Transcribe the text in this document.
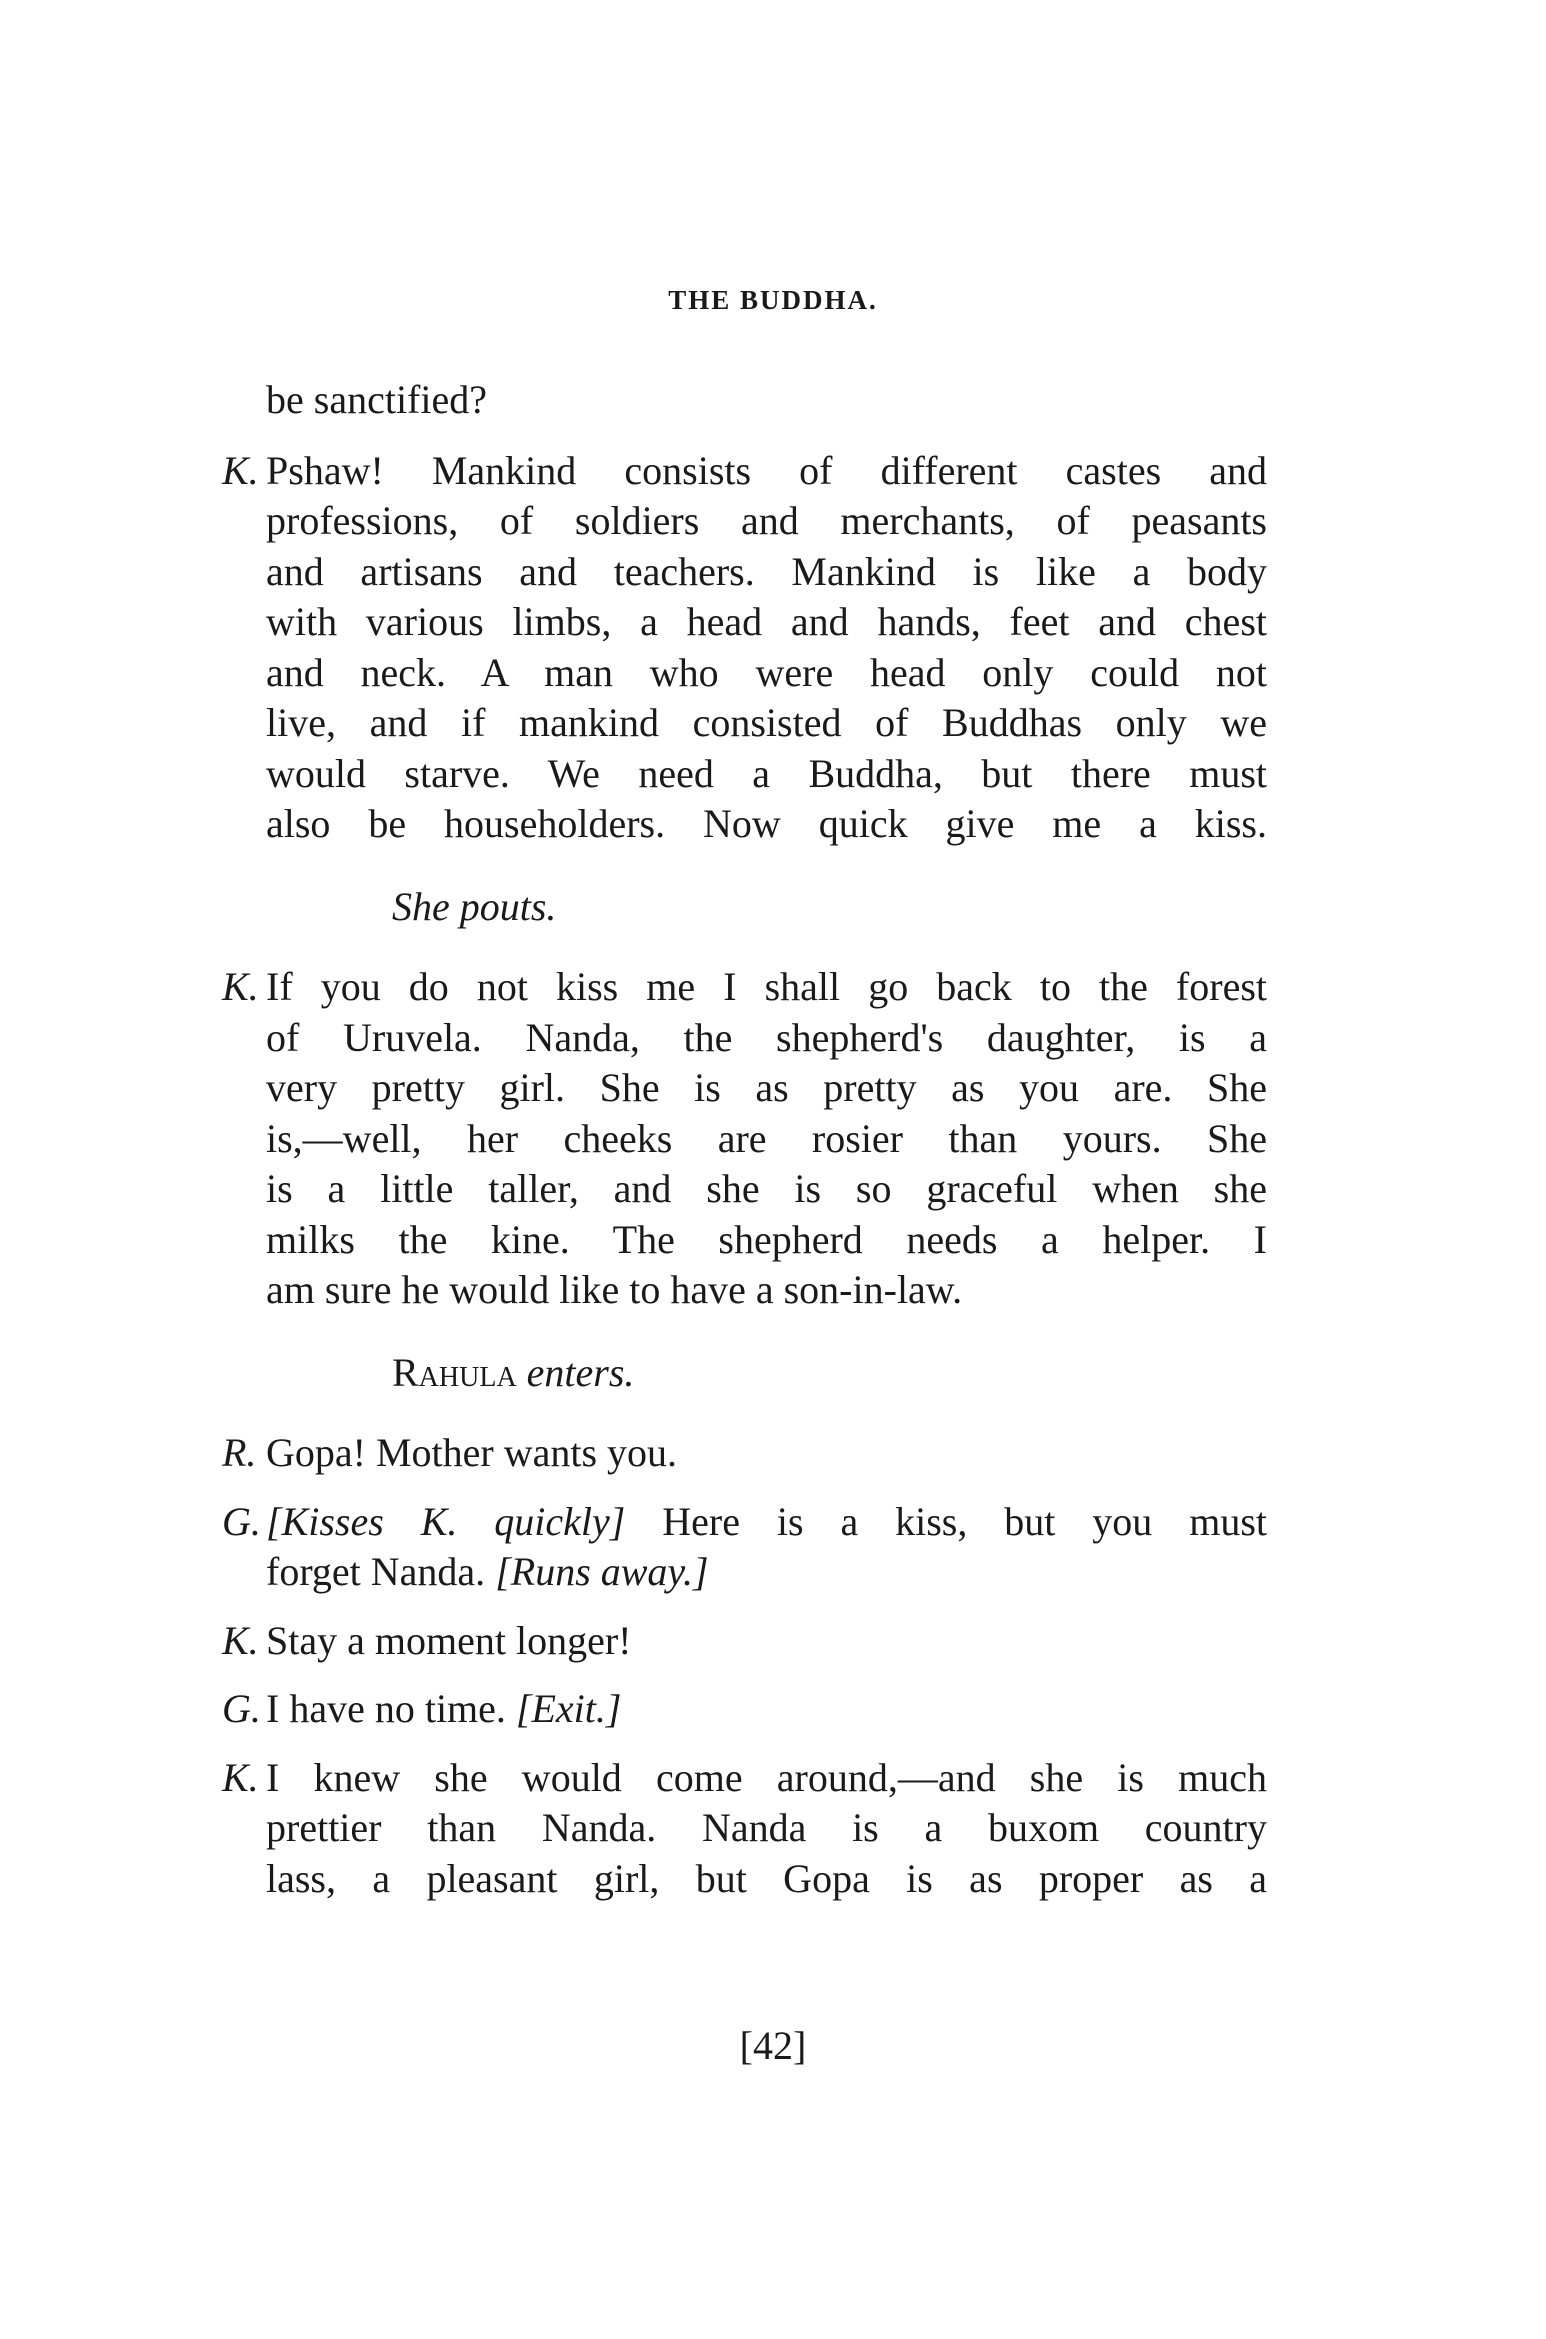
THE BUDDHA.
be sanctified?
K. Pshaw! Mankind consists of different castes and
professions, of soldiers and merchants, of peasants
and artisans and teachers. Mankind is like a body
with various limbs, a head and hands, feet and chest
and neck. A man who were head only could not
live, and if mankind consisted of Buddhas only we
would starve. We need a Buddha, but there must
also be householders. Now quick give me a kiss.
She pouts.
K. If you do not kiss me I shall go back to the forest
of Uruvela. Nanda, the shepherd's daughter, is a
very pretty girl. She is as pretty as you are. She
is,—well, her cheeks are rosier than yours. She
is a little taller, and she is so graceful when she
milks the kine. The shepherd needs a helper. I
am sure he would like to have a son-in-law.
Rahula enters.
R. Gopa! Mother wants you.
G. [Kisses K. quickly] Here is a kiss, but you must
forget Nanda. [Runs away.]
K. Stay a moment longer!
G. I have no time. [Exit.]
K. I knew she would come around,—and she is much
prettier than Nanda. Nanda is a buxom country
lass, a pleasant girl, but Gopa is as proper as a
[42]
